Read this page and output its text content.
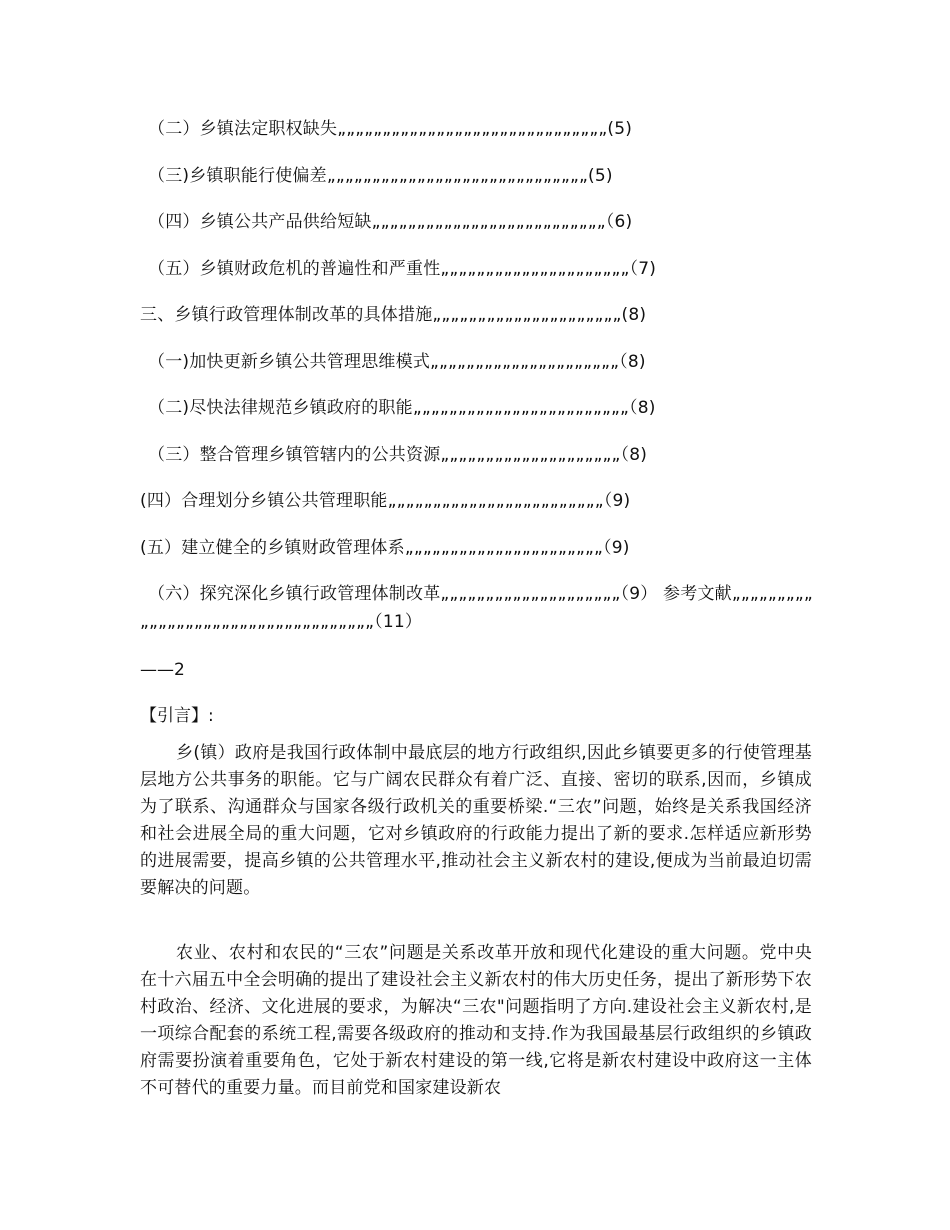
（二）乡镇法定职权缺失„„„„„„„„„„„„„„„„„„„„„„„„„„„„„„(5)
（三)乡镇职能行使偏差„„„„„„„„„„„„„„„„„„„„„„„„„„„„„(5)
（四）乡镇公共产品供给短缺„„„„„„„„„„„„„„„„„„„„„„„„„„（6)
（五）乡镇财政危机的普遍性和严重性„„„„„„„„„„„„„„„„„„„„„（7)
三、乡镇行政管理体制改革的具体措施„„„„„„„„„„„„„„„„„„„„„(8)
（一)加快更新乡镇公共管理思维模式„„„„„„„„„„„„„„„„„„„„„（8)
（二)尽快法律规范乡镇政府的职能„„„„„„„„„„„„„„„„„„„„„„„„（8)
（三）整合管理乡镇管辖内的公共资源„„„„„„„„„„„„„„„„„„„„（8)
(四）合理划分乡镇公共管理职能„„„„„„„„„„„„„„„„„„„„„„„„（9)
(五）建立健全的乡镇财政管理体系„„„„„„„„„„„„„„„„„„„„„„（9)
（六）探究深化乡镇行政管理体制改革„„„„„„„„„„„„„„„„„„„„（9） 参考文献„„„„„„„„„
„„„„„„„„„„„„„„„„„„„„„„„„„„（11）
——2
【引言】:

乡(镇）政府是我国行政体制中最底层的地方行政组织,因此乡镇要更多的行使管理基层地方公共事务的职能。它与广阔农民群众有着广泛、直接、密切的联系,因而，乡镇成为了联系、沟通群众与国家各级行政机关的重要桥梁.“三农”问题，始终是关系我国经济和社会进展全局的重大问题，它对乡镇政府的行政能力提出了新的要求.怎样适应新形势的进展需要，提高乡镇的公共管理水平,推动社会主义新农村的建设,便成为当前最迫切需要解决的问题。

农业、农村和农民的“三农”问题是关系改革开放和现代化建设的重大问题。党中央在十六届五中全会明确的提出了建设社会主义新农村的伟大历史任务，提出了新形势下农村政治、经济、文化进展的要求，为解决“三农"问题指明了方向.建设社会主义新农村,是一项综合配套的系统工程,需要各级政府的推动和支持.作为我国最基层行政组织的乡镇政府需要扮演着重要角色，它处于新农村建设的第一线,它将是新农村建设中政府这一主体不可替代的重要力量。而目前党和国家建设新农
